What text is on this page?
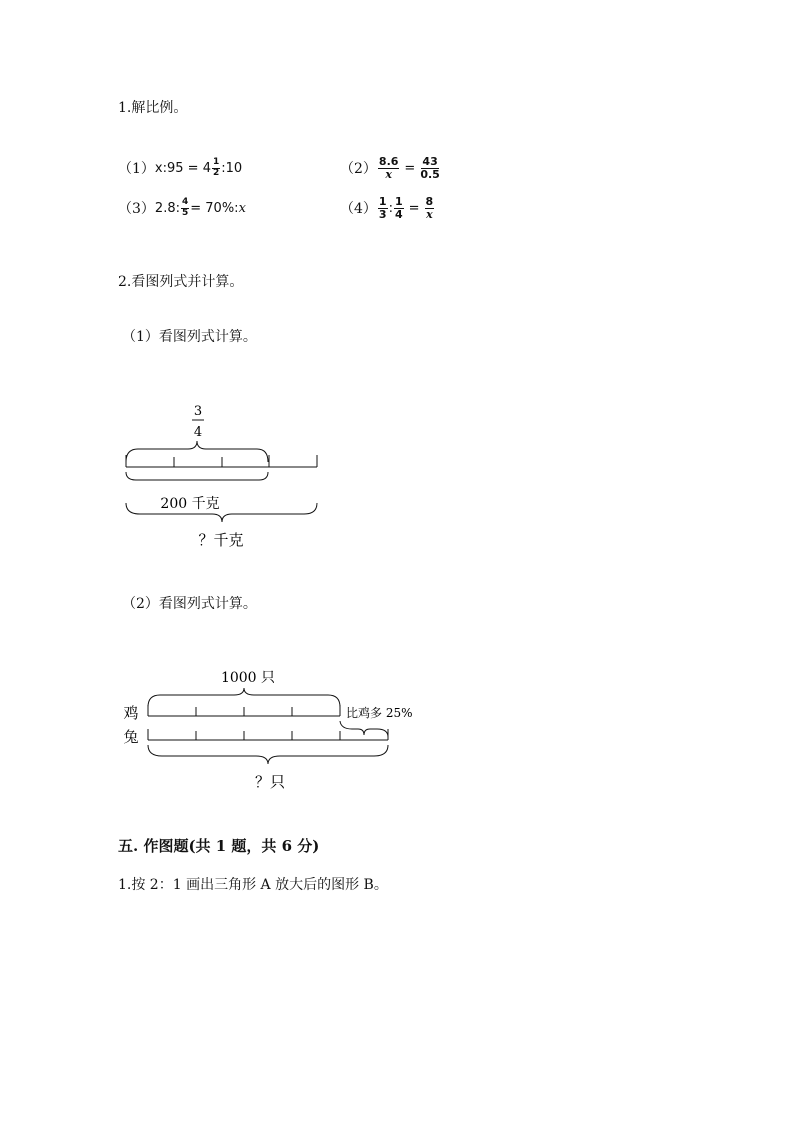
1.解比例。
（1） x:95 = $4 \frac{1}{2}$ :10	$(2) \frac{8.6}{x} = \frac{43}{0.5}$
（3） 2.8: $\frac{4}{5} = 70\%$: x	$(4) \frac{1}{3}$ : $\frac{1}{4} = \frac{8}{x}$
2.看图列式并计算。
（1）看图列式计算。
3
4
200 千克
？千克
（2）看图列式计算。
1000 只
鸡	比鸡多 25%
兔
？只
五. 作图题(共 1 题，共 6 分)
1.按 2：1 画出三角形 A 放大后的图形 B。
